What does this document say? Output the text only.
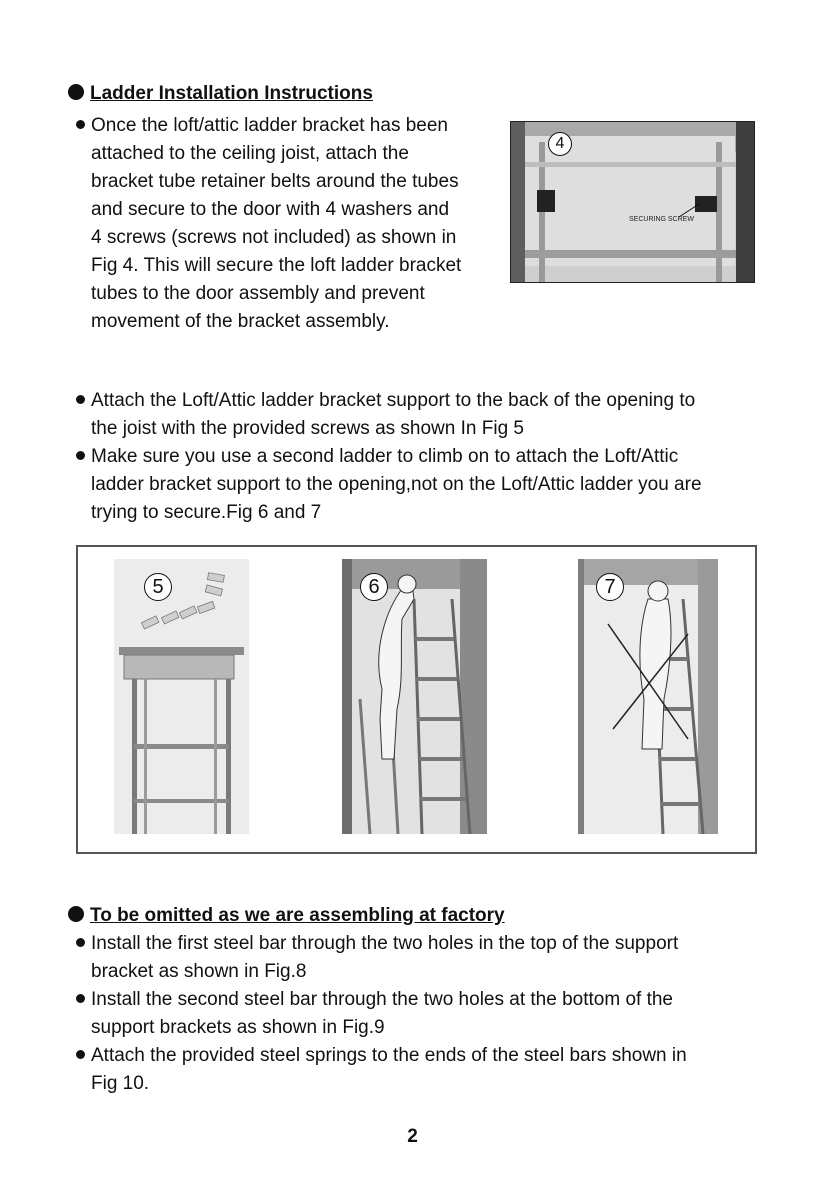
Ladder Installation Instructions
Once the loft/attic ladder bracket has been
attached to the ceiling joist, attach the
bracket tube retainer belts around the tubes
and secure to the door with 4 washers and
4 screws (screws not included) as shown in
Fig 4. This will secure the loft ladder bracket
tubes to the door assembly and prevent
movement of the bracket assembly.
4
SECURING SCREW
Attach the Loft/Attic ladder bracket support to the back of the opening to
the joist with the provided screws as shown In Fig 5
Make sure you use a second ladder to climb on to attach the Loft/Attic
ladder bracket support to the opening,not on the Loft/Attic ladder you are
trying to secure.Fig 6 and 7
5	6	7
To be omitted as we are assembling at factory
Install the first steel bar through the two holes in the top of the support
bracket as shown in Fig.8
Install the second steel bar through the two holes at the bottom of the
support brackets as shown in Fig.9
Attach the provided steel springs to the ends of the steel bars shown in
Fig 10.
2
